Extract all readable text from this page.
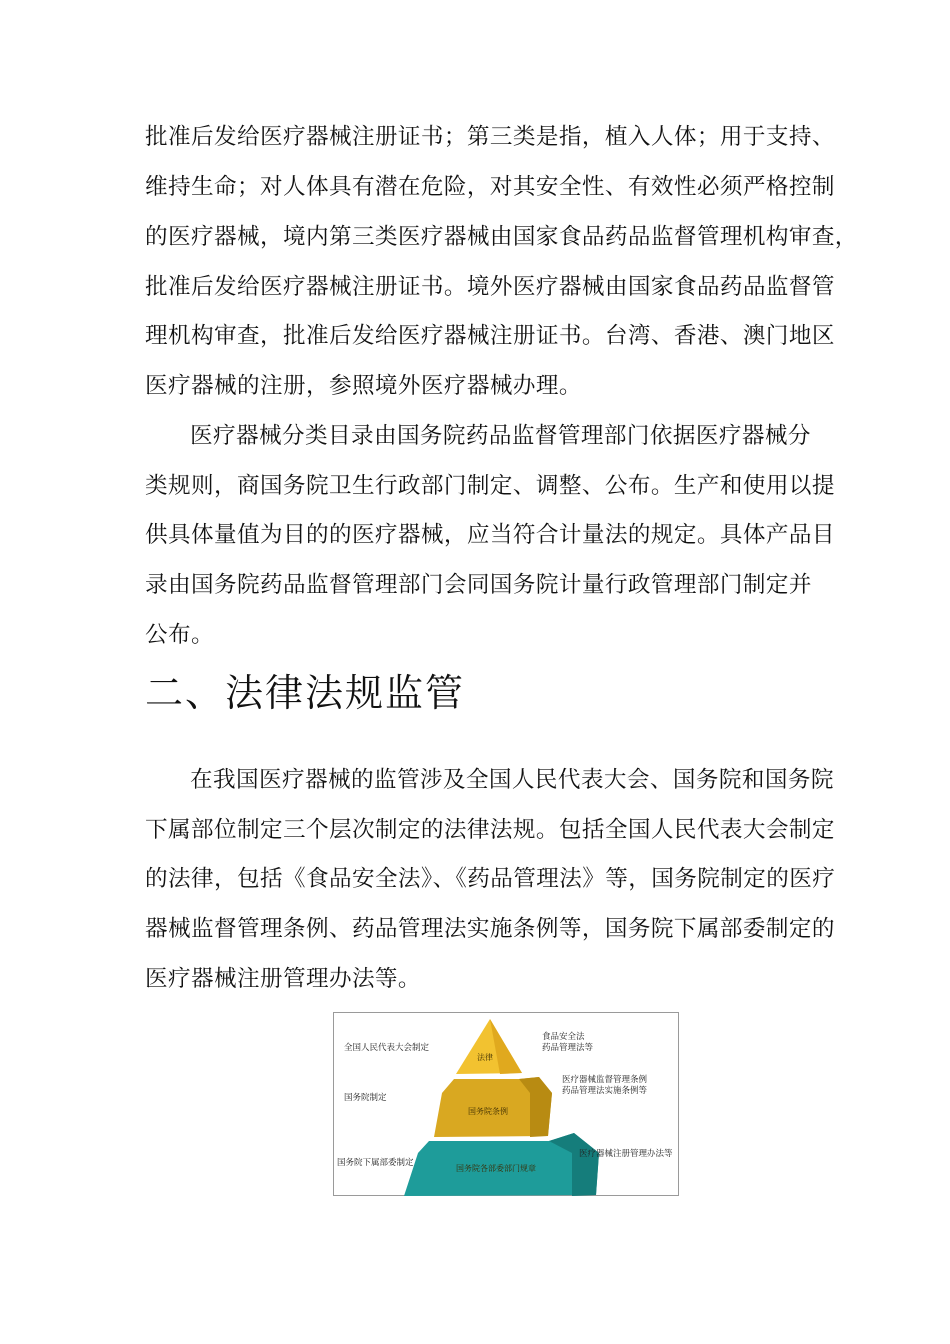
批准后发给医疗器械注册证书；第三类是指，植入人体；用于支持、
维持生命；对人体具有潜在危险，对其安全性、有效性必须严格控制
的医疗器械，境内第三类医疗器械由国家食品药品监督管理机构审查，
批准后发给医疗器械注册证书。境外医疗器械由国家食品药品监督管
理机构审查，批准后发给医疗器械注册证书。台湾、香港、澳门地区
医疗器械的注册，参照境外医疗器械办理。
医疗器械分类目录由国务院药品监督管理部门依据医疗器械分
类规则，商国务院卫生行政部门制定、调整、公布。生产和使用以提
供具体量值为目的的医疗器械，应当符合计量法的规定。具体产品目
录由国务院药品监督管理部门会同国务院计量行政管理部门制定并
公布。
二、法律法规监管
在我国医疗器械的监管涉及全国人民代表大会、国务院和国务院
下属部位制定三个层次制定的法律法规。包括全国人民代表大会制定
的法律，包括《食品安全法》、《药品管理法》等，国务院制定的医疗
器械监督管理条例、药品管理法实施条例等，国务院下属部委制定的
医疗器械注册管理办法等。
法律
国务院条例
国务院各部委部门规章
全国人民代表大会制定
国务院制定
国务院下属部委制定
食品安全法
药品管理法等
医疗器械监督管理条例
药品管理法实施条例等
医疗器械注册管理办法等
